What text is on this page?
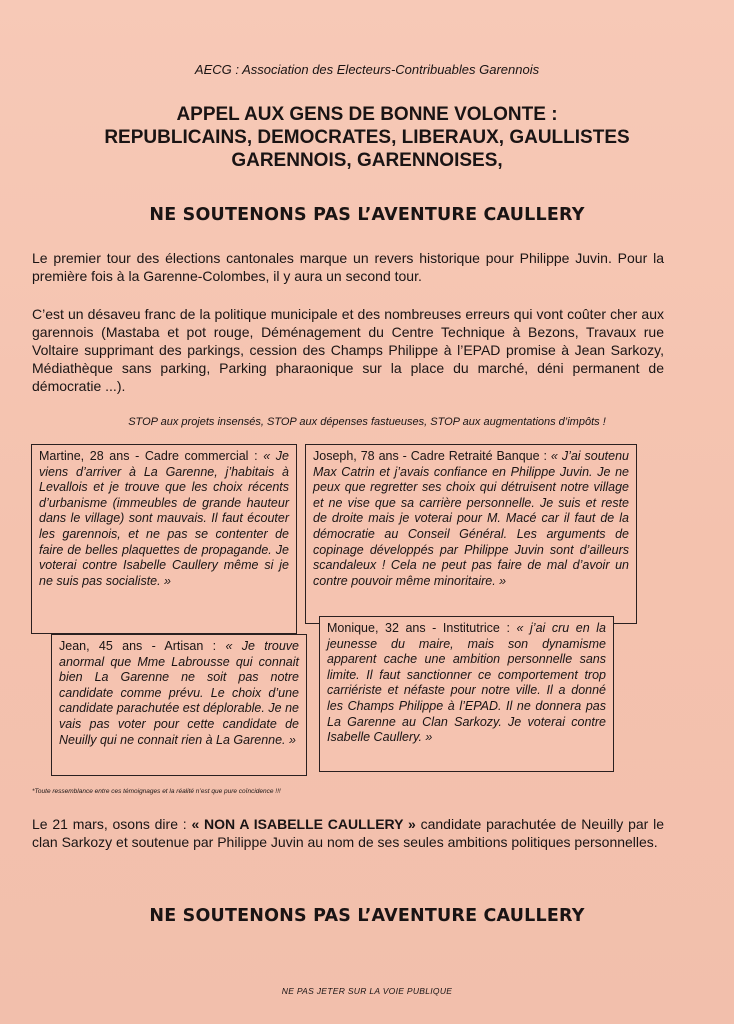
AECG : Association des Electeurs-Contribuables Garennois
APPEL AUX GENS DE BONNE VOLONTE :
REPUBLICAINS, DEMOCRATES, LIBERAUX, GAULLISTES
GARENNOIS, GARENNOISES,
NE SOUTENONS PAS L’AVENTURE CAULLERY
Le premier tour des élections cantonales marque un revers historique pour Philippe Juvin. Pour la première fois à la Garenne-Colombes, il y aura un second tour.
C’est un désaveu franc de la politique municipale et des nombreuses erreurs qui vont coûter cher aux garennois (Mastaba et pot rouge, Déménagement du Centre Technique à Bezons, Travaux rue Voltaire supprimant des parkings, cession des Champs Philippe à l’EPAD promise à Jean Sarkozy, Médiathèque sans parking, Parking pharaonique sur la place du marché, déni permanent de démocratie ...).
STOP aux projets insensés, STOP aux dépenses fastueuses, STOP aux augmentations d’impôts !
Martine, 28 ans - Cadre commercial : « Je viens d’arriver à La Garenne, j’habitais à Levallois et je trouve que les choix récents d’urbanisme (immeubles de grande hauteur dans le village) sont mauvais. Il faut écouter les garennois, et ne pas se contenter de faire de belles plaquettes de propagande. Je voterai contre Isabelle Caullery même si je ne suis pas socialiste. »
Joseph, 78 ans - Cadre Retraité Banque : « J’ai soutenu Max Catrin et j’avais confiance en Philippe Juvin. Je ne peux que regretter ses choix qui détruisent notre village et ne vise que sa carrière personnelle. Je suis et reste de droite mais je voterai pour M. Macé car il faut de la démocratie au Conseil Général. Les arguments de copinage développés par Philippe Juvin sont d’ailleurs scandaleux ! Cela ne peut pas faire de mal d’avoir un contre pouvoir même minoritaire. »
Jean, 45 ans - Artisan : « Je trouve anormal que Mme Labrousse qui connait bien La Garenne ne soit pas notre candidate comme prévu. Le choix d’une candidate parachutée est déplorable. Je ne vais pas voter pour cette candidate de Neuilly qui ne connait rien à La Garenne. »
Monique, 32 ans - Institutrice : « j’ai cru en la jeunesse du maire, mais son dynamisme apparent cache une ambition personnelle sans limite. Il faut sanctionner ce comportement trop carriériste et néfaste pour notre ville. Il a donné les Champs Philippe à l’EPAD. Il ne donnera pas La Garenne au Clan Sarkozy. Je voterai contre Isabelle Caullery. »
*Toute ressemblance entre ces témoignages et la réalité n’est que pure coïncidence !!!
Le 21 mars, osons dire : « NON A ISABELLE CAULLERY » candidate parachutée de Neuilly par le clan Sarkozy et soutenue par Philippe Juvin au nom de ses seules ambitions politiques personnelles.
NE SOUTENONS PAS L’AVENTURE CAULLERY
NE PAS JETER SUR LA VOIE PUBLIQUE
